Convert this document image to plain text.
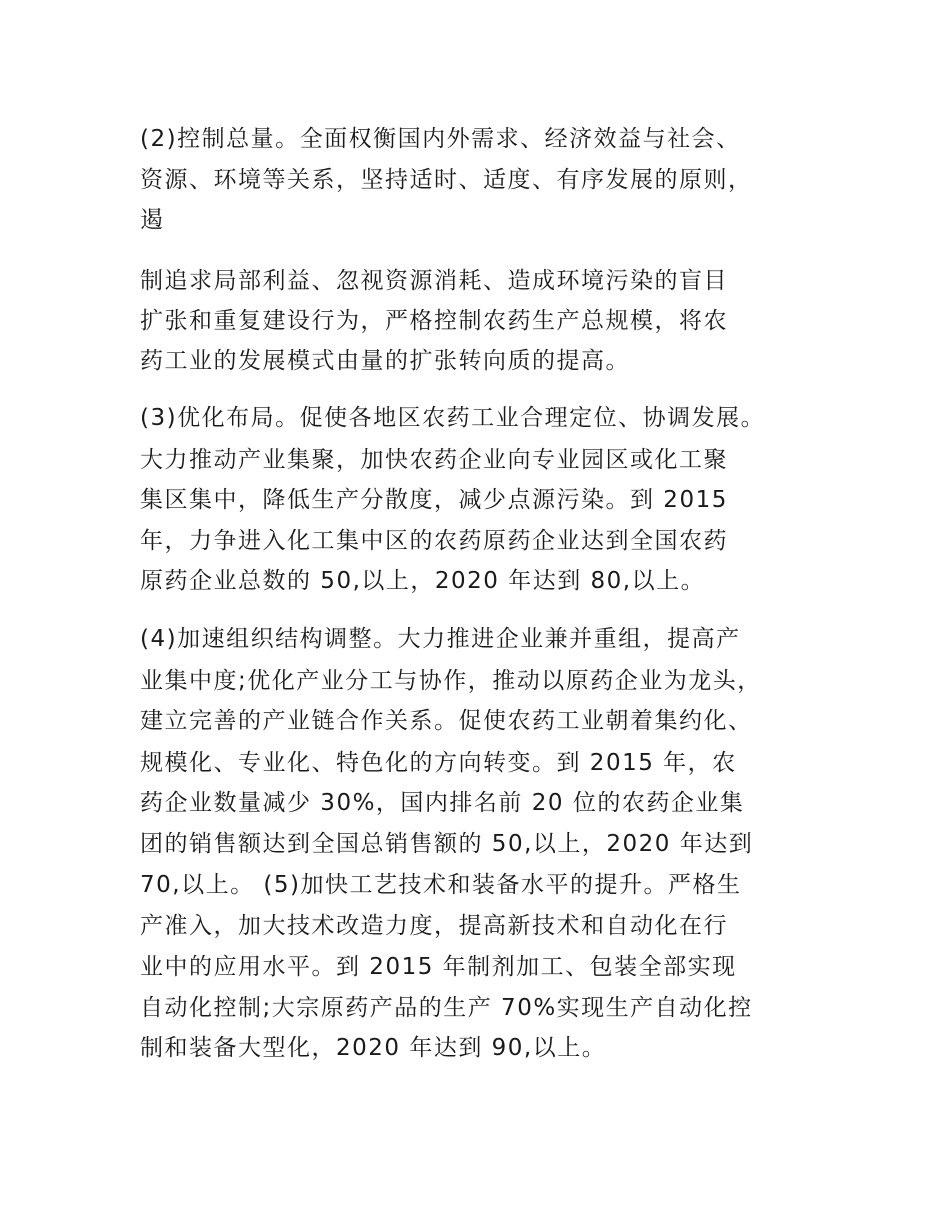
(2)控制总量。全面权衡国内外需求、经济效益与社会、

资源、环境等关系，坚持适时、适度、有序发展的原则，

遏

制追求局部利益、忽视资源消耗、造成环境污染的盲目

扩张和重复建设行为，严格控制农药生产总规模，将农

药工业的发展模式由量的扩张转向质的提高。

(3)优化布局。促使各地区农药工业合理定位、协调发展。

大力推动产业集聚，加快农药企业向专业园区或化工聚

集区集中，降低生产分散度，减少点源污染。到 2015

年，力争进入化工集中区的农药原药企业达到全国农药

原药企业总数的 50,以上，2020 年达到 80,以上。

(4)加速组织结构调整。大力推进企业兼并重组，提高产

业集中度;优化产业分工与协作，推动以原药企业为龙头，

建立完善的产业链合作关系。促使农药工业朝着集约化、

规模化、专业化、特色化的方向转变。到 2015 年，农

药企业数量减少 30%，国内排名前 20 位的农药企业集

团的销售额达到全国总销售额的 50,以上，2020 年达到

70,以上。 (5)加快工艺技术和装备水平的提升。严格生

产准入，加大技术改造力度，提高新技术和自动化在行

业中的应用水平。到 2015 年制剂加工、包装全部实现

自动化控制;大宗原药产品的生产 70%实现生产自动化控

制和装备大型化，2020 年达到 90,以上。
